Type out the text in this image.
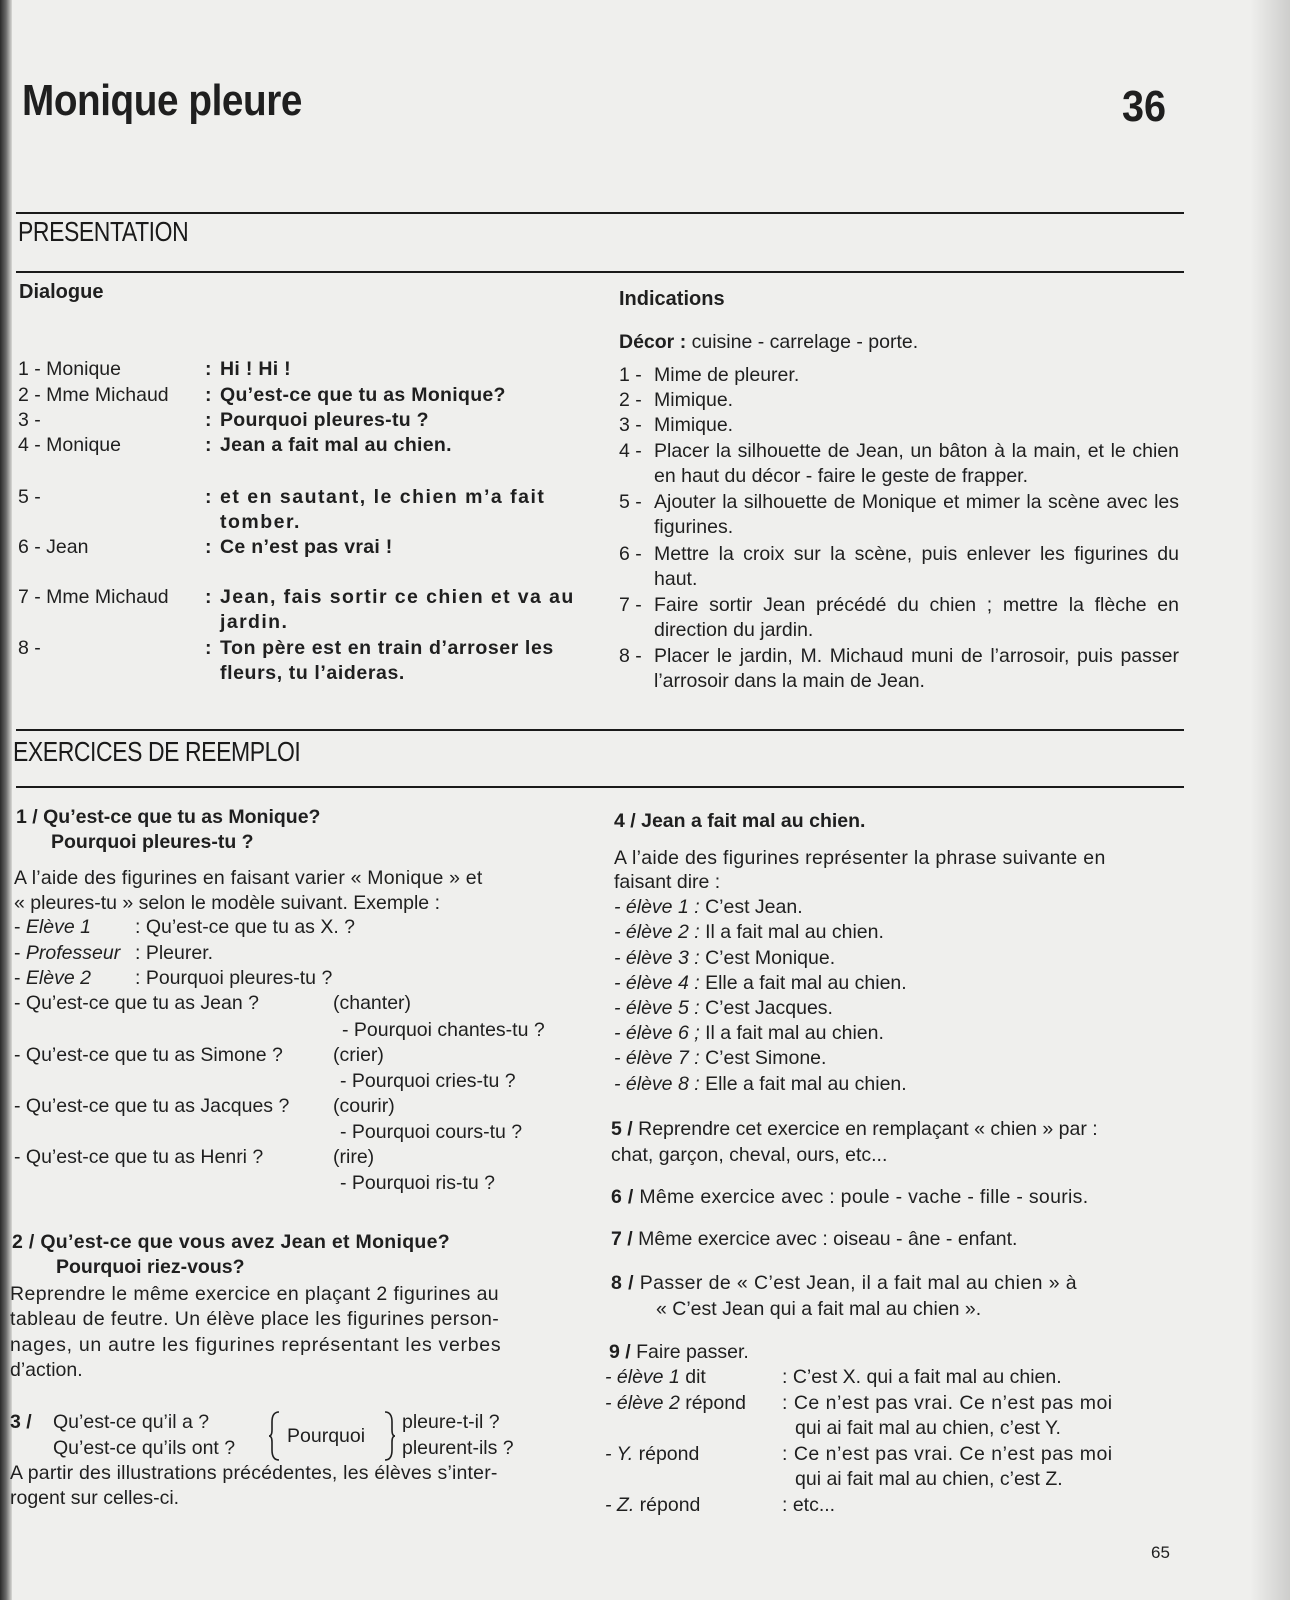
Monique pleure	36
PRESENTATION
Dialogue	Indications
1 - Monique	: Hi ! Hi !
2 - Mme Michaud : Qu’est-ce que tu as Monique?
3 -	: Pourquoi pleures-tu ?
4 - Monique	: Jean a fait mal au chien.
5 -	: et en sautant, le chien m’a fait tomber.
6 - Jean	: Ce n’est pas vrai !
7 - Mme Michaud : Jean, fais sortir ce chien et va au jardin.
8 -	: Ton père est en train d’arroser les fleurs, tu l’aideras.
Décor : cuisine - carrelage - porte.
1 - Mime de pleurer.
2 - Mimique.
3 - Mimique.
4 - Placer la silhouette de Jean, un bâton à la main, et le chien en haut du décor - faire le geste de frapper.
5 - Ajouter la silhouette de Monique et mimer la scène avec les figurines.
6 - Mettre la croix sur la scène, puis enlever les figurines du haut.
7 - Faire sortir Jean précédé du chien ; mettre la flèche en direction du jardin.
8 - Placer le jardin, M. Michaud muni de l’arrosoir, puis passer l’arrosoir dans la main de Jean.
EXERCICES DE REEMPLOI
1 / Qu’est-ce que tu as Monique?
Pourquoi pleures-tu ?
A l’aide des figurines en faisant varier « Monique » et
« pleures-tu » selon le modèle suivant. Exemple :
- Elève 1 : Qu’est-ce que tu as X. ?
- Professeur : Pleurer.
- Elève 2 : Pourquoi pleures-tu ?
- Qu’est-ce que tu as Jean ?	(chanter)
- Pourquoi chantes-tu ?
- Qu’est-ce que tu as Simone ?	(crier)
- Pourquoi cries-tu ?
- Qu’est-ce que tu as Jacques ? (courir)
- Pourquoi cours-tu ?
- Qu’est-ce que tu as Henri ?	(rire)
- Pourquoi ris-tu ?
2 / Qu’est-ce que vous avez Jean et Monique?
Pourquoi riez-vous?
Reprendre le même exercice en plaçant 2 figurines au
tableau de feutre. Un élève place les figurines person-
nages, un autre les figurines représentant les verbes
d’action.
3 / Qu’est-ce qu’il a ?
Qu’est-ce qu’ils ont ?
Pourquoi
pleure-t-il ?
pleurent-ils ?
A partir des illustrations précédentes, les élèves s’inter-
rogent sur celles-ci.
4 / Jean a fait mal au chien.
A l’aide des figurines représenter la phrase suivante en
faisant dire :
- élève 1 : C’est Jean.
- élève 2 : Il a fait mal au chien.
- élève 3 : C’est Monique.
- élève 4 : Elle a fait mal au chien.
- élève 5 : C’est Jacques.
- élève 6 ; Il a fait mal au chien.
- élève 7 : C’est Simone.
- élève 8 : Elle a fait mal au chien.
5 / Reprendre cet exercice en remplaçant « chien » par :
chat, garçon, cheval, ours, etc...
6 / Même exercice avec : poule - vache - fille - souris.
7 / Même exercice avec : oiseau - âne - enfant.
8 / Passer de « C’est Jean, il a fait mal au chien » à
« C’est Jean qui a fait mal au chien ».
9 / Faire passer.
- élève 1 dit	: C’est X. qui a fait mal au chien.
- élève 2 répond : Ce n’est pas vrai. Ce n’est pas moi
qui ai fait mal au chien, c’est Y.
- Y. répond	: Ce n’est pas vrai. Ce n’est pas moi
qui ai fait mal au chien, c’est Z.
- Z. répond	: etc...
65
